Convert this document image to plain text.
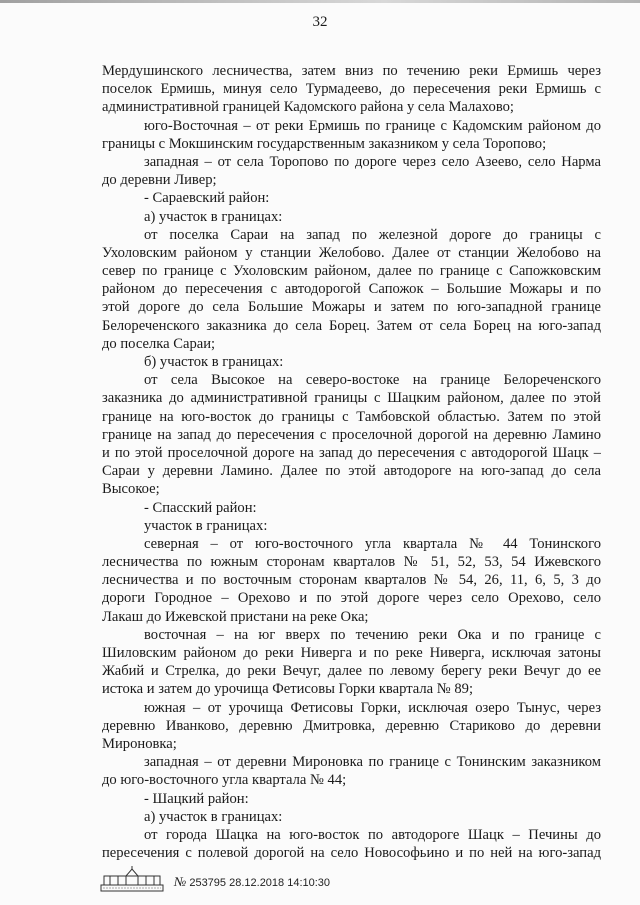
32
Мердушинского лесничества, затем вниз по течению реки Ермишь через
поселок Ермишь, минуя село Турмадеево, до пересечения реки Ермишь с
административной границей Кадомского района у села Малахово;
юго-Восточная – от реки Ермишь по границе с Кадомским районом до
границы с Мокшинским государственным заказником у села Торопово;
западная – от села Торопово по дороге через село Азеево, село Нарма
до деревни Ливер;
- Сараевский район:
а) участок в границах:
от поселка Сараи на запад по железной дороге до границы с
Ухоловским районом у станции Желобово. Далее от станции Желобово на
север по границе с Ухоловским районом, далее по границе с Сапожковским
районом до пересечения с автодорогой Сапожок – Большие Можары и по
этой дороге до села Большие Можары и затем по юго-западной границе
Белореченского заказника до села Борец. Затем от села Борец на юго-запад
до поселка Сараи;
б) участок в границах:
от села Высокое на северо-востоке на границе Белореченского
заказника до административной границы с Шацким районом, далее по этой
границе на юго-восток до границы с Тамбовской областью. Затем по этой
границе на запад до пересечения с проселочной дорогой на деревню Ламино
и по этой проселочной дороге на запад до пересечения с автодорогой Шацк –
Сараи у деревни Ламино. Далее по этой автодороге на юго-запад до села
Высокое;
- Спасский район:
участок в границах:
северная – от юго-восточного угла квартала № 44 Тонинского
лесничества по южным сторонам кварталов № 51, 52, 53, 54 Ижевского
лесничества и по восточным сторонам кварталов № 54, 26, 11, 6, 5, 3 до
дороги Городное – Орехово и по этой дороге через село Орехово, село
Лакаш до Ижевской пристани на реке Ока;
восточная – на юг вверх по течению реки Ока и по границе с
Шиловским районом до реки Ниверга и по реке Ниверга, исключая затоны
Жабий и Стрелка, до реки Вечуг, далее по левому берегу реки Вечуг до ее
истока и затем до урочища Фетисовы Горки квартала № 89;
южная – от урочища Фетисовы Горки, исключая озеро Тынус, через
деревню Иванково, деревню Дмитровка, деревню Стариково до деревни
Мироновка;
западная – от деревни Мироновка по границе с Тонинским заказником
до юго-восточного угла квартала № 44;
- Шацкий район:
а) участок в границах:
от города Шацка на юго-восток по автодороге Шацк – Печины до
пересечения с полевой дорогой на село Новософьино и по ней на юго-запад
№ 253795 28.12.2018 14:10:30
